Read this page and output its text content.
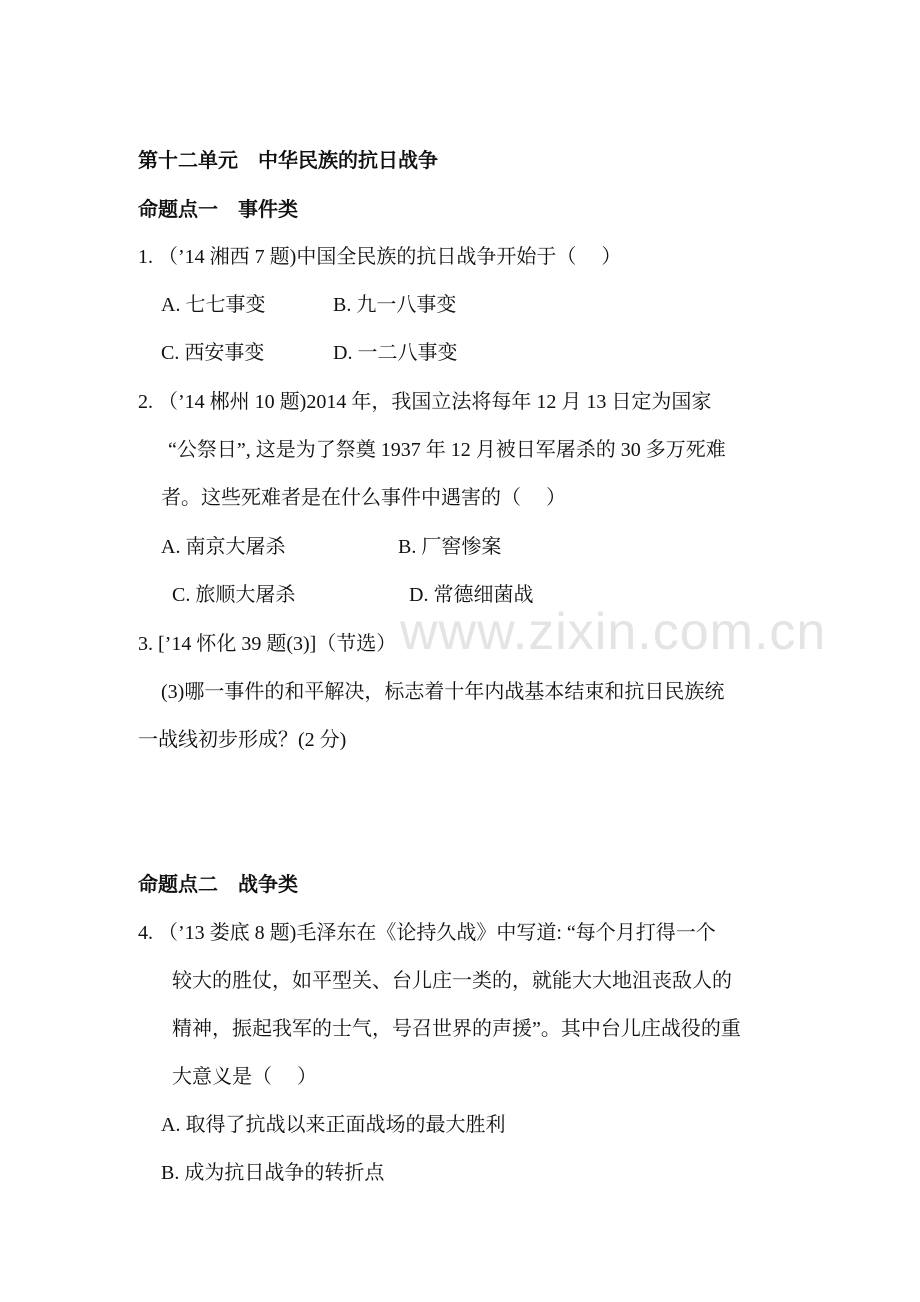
www.zixin.com.cn
第十二单元　中华民族的抗日战争
命题点一　事件类
1. （’14 湘西 7 题)中国全民族的抗日战争开始于（　 ）
A. 七七事变	B. 九一八事变
C. 西安事变	D. 一二八事变
2. （’14 郴州 10 题)2014 年，我国立法将每年 12 月 13 日定为国家
“公祭日”, 这是为了祭奠 1937 年 12 月被日军屠杀的 30 多万死难
者。这些死难者是在什么事件中遇害的（　 ）
A. 南京大屠杀	B. 厂窖惨案
C. 旅顺大屠杀	D. 常德细菌战
3. [’14 怀化 39 题(3)]（节选）
(3)哪一事件的和平解决，标志着十年内战基本结束和抗日民族统
一战线初步形成？(2 分)
命题点二　战争类
4. （’13 娄底 8 题)毛泽东在《论持久战》中写道: “每个月打得一个
较大的胜仗，如平型关、台儿庄一类的，就能大大地沮丧敌人的
精神，振起我军的士气，号召世界的声援”。其中台儿庄战役的重
大意义是（　 ）
A. 取得了抗战以来正面战场的最大胜利
B. 成为抗日战争的转折点
